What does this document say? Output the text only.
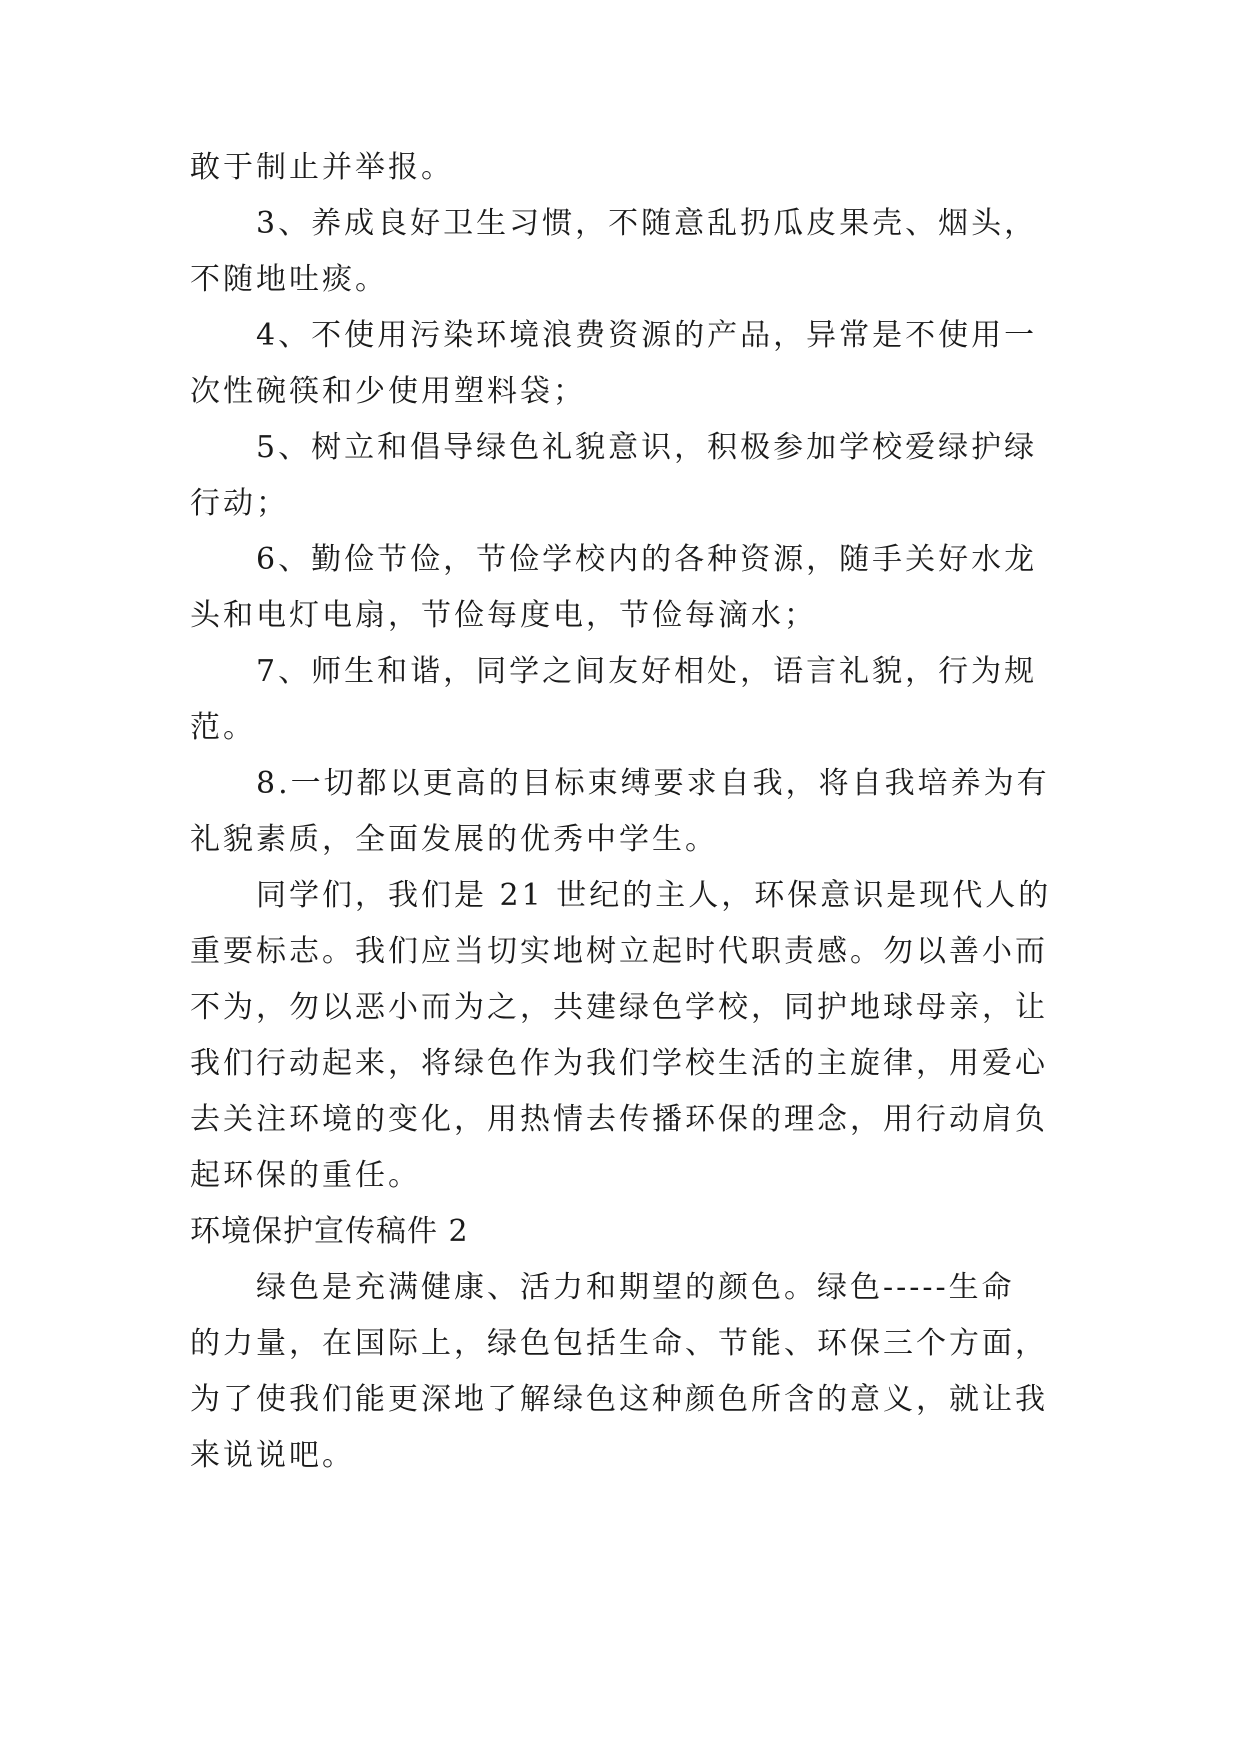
敢于制止并举报。
3、养成良好卫生习惯，不随意乱扔瓜皮果壳、烟头，
不随地吐痰。
4、不使用污染环境浪费资源的产品，异常是不使用一
次性碗筷和少使用塑料袋；
5、树立和倡导绿色礼貌意识，积极参加学校爱绿护绿
行动；
6、勤俭节俭，节俭学校内的各种资源，随手关好水龙
头和电灯电扇，节俭每度电，节俭每滴水；
7、师生和谐，同学之间友好相处，语言礼貌，行为规
范。
8.一切都以更高的目标束缚要求自我，将自我培养为有
礼貌素质，全面发展的优秀中学生。
同学们，我们是 21 世纪的主人，环保意识是现代人的
重要标志。我们应当切实地树立起时代职责感。勿以善小而
不为，勿以恶小而为之，共建绿色学校，同护地球母亲，让
我们行动起来，将绿色作为我们学校生活的主旋律，用爱心
去关注环境的变化，用热情去传播环保的理念，用行动肩负
起环保的重任。
环境保护宣传稿件 2
绿色是充满健康、活力和期望的颜色。绿色-----生命
的力量，在国际上，绿色包括生命、节能、环保三个方面，
为了使我们能更深地了解绿色这种颜色所含的意义，就让我
来说说吧。
